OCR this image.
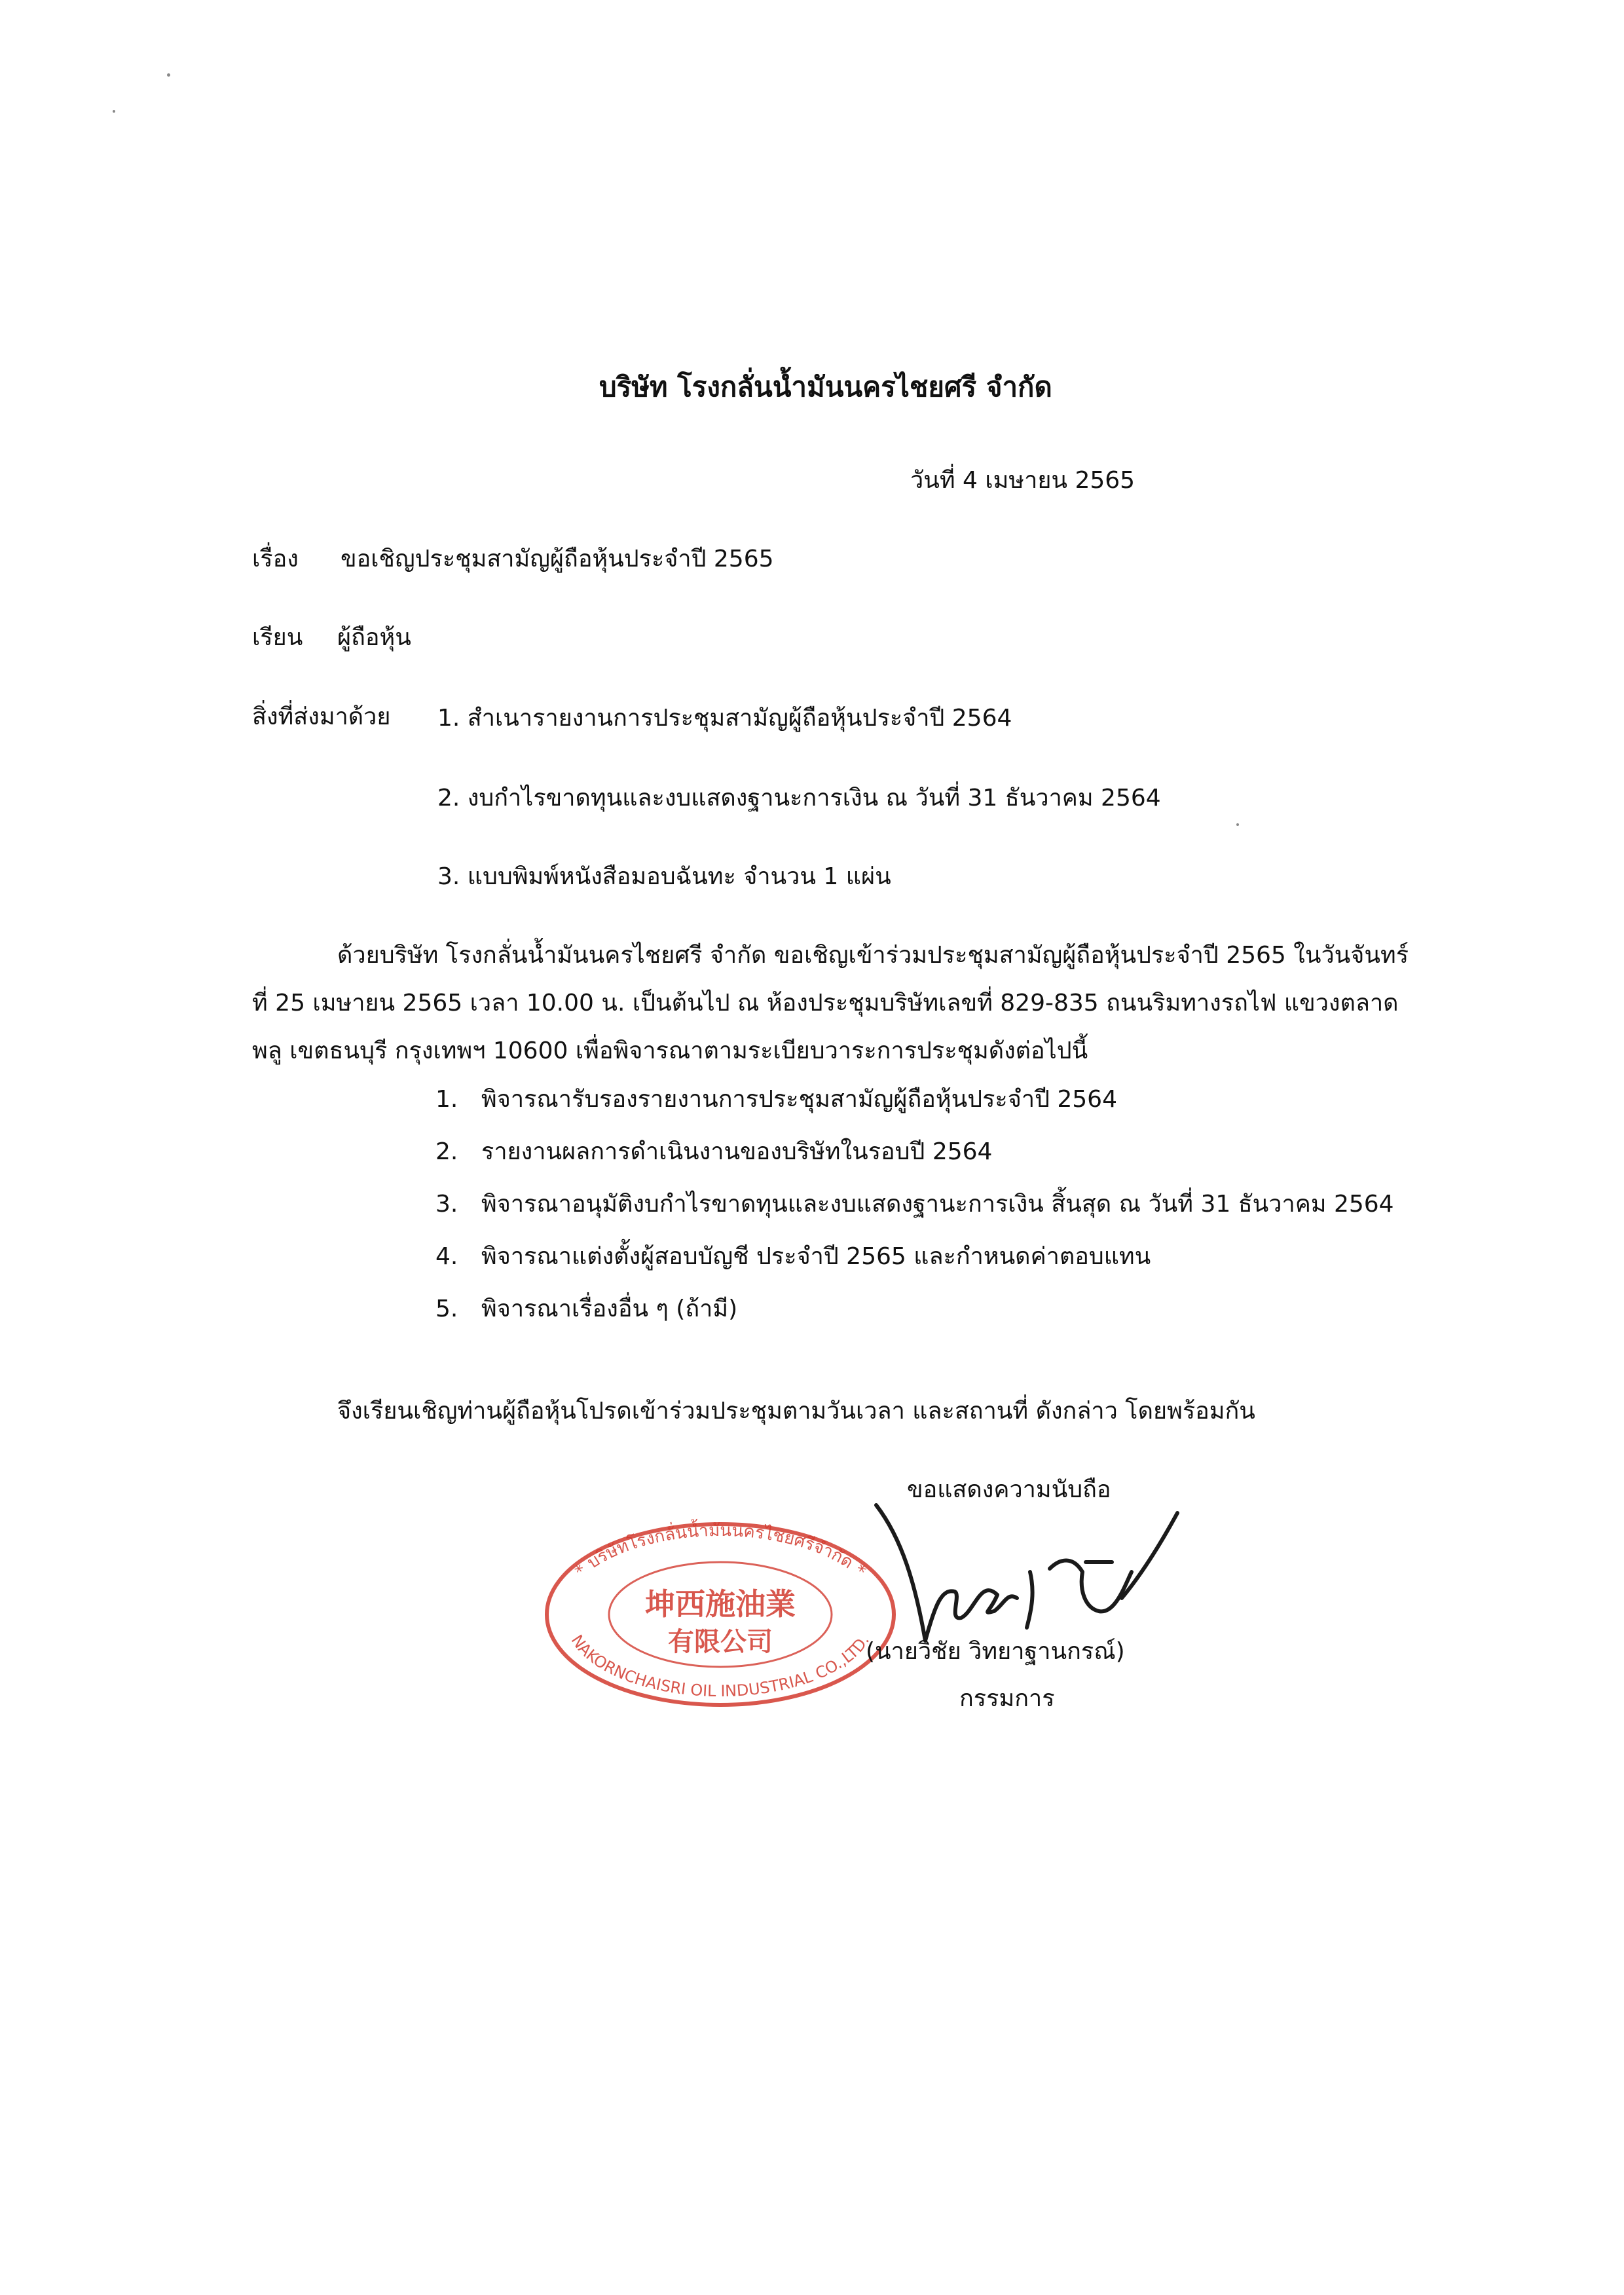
บริษัท โรงกลั่นน้ำมันนครไชยศรี จำกัด

วันที่ 4 เมษายน 2565

เรื่อง ขอเชิญประชุมสามัญผู้ถือหุ้นประจำปี 2565

เรียน ผู้ถือหุ้น

สิ่งที่ส่งมาด้วย 1. สำเนารายงานการประชุมสามัญผู้ถือหุ้นประจำปี 2564

2. งบกำไรขาดทุนและงบแสดงฐานะการเงิน ณ วันที่ 31 ธันวาคม 2564

3. แบบพิมพ์หนังสือมอบฉันทะ จำนวน 1 แผ่น

ด้วยบริษัท โรงกลั่นน้ำมันนครไชยศรี จำกัด ขอเชิญเข้าร่วมประชุมสามัญผู้ถือหุ้นประจำปี 2565 ในวันจันทร์

ที่ 25 เมษายน 2565 เวลา 10.00 น. เป็นต้นไป ณ ห้องประชุมบริษัทเลขที่ 829-835 ถนนริมทางรถไฟ แขวงตลาด

พลู เขตธนบุรี กรุงเทพฯ 10600 เพื่อพิจารณาตามระเบียบวาระการประชุมดังต่อไปนี้

1. พิจารณารับรองรายงานการประชุมสามัญผู้ถือหุ้นประจำปี 2564

2. รายงานผลการดำเนินงานของบริษัทในรอบปี 2564

3. พิจารณาอนุมัติงบกำไรขาดทุนและงบแสดงฐานะการเงิน สิ้นสุด ณ วันที่ 31 ธันวาคม 2564

4. พิจารณาแต่งตั้งผู้สอบบัญชี ประจำปี 2565 และกำหนดค่าตอบแทน

5. พิจารณาเรื่องอื่น ๆ (ถ้ามี)

จึงเรียนเชิญท่านผู้ถือหุ้นโปรดเข้าร่วมประชุมตามวันเวลา และสถานที่ ดังกล่าว โดยพร้อมกัน

ขอแสดงความนับถือ

* บริษัทโรงกลั่นน้ำมันนครไชยศรีจำกัด *
NAKORNCHAISRI OIL INDUSTRIAL CO.,LTD.
坤西施油業
有限公司	(นายวิชัย วิทยาฐานกรณ์)

กรรมการ
